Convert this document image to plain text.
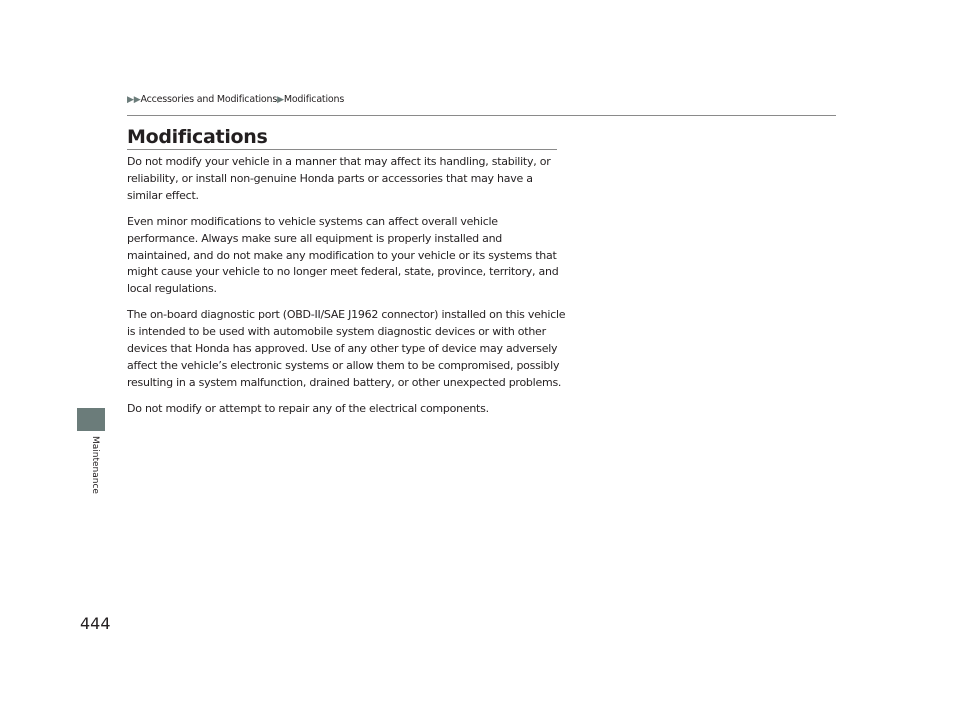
▶▶Accessories and Modifications▶Modifications
Modifications

Do not modify your vehicle in a manner that may affect its handling, stability, or reliability, or install non-genuine Honda parts or accessories that may have a similar effect.

Even minor modifications to vehicle systems can affect overall vehicle performance. Always make sure all equipment is properly installed and maintained, and do not make any modification to your vehicle or its systems that might cause your vehicle to no longer meet federal, state, province, territory, and local regulations.

The on-board diagnostic port (OBD-II/SAE J1962 connector) installed on this vehicle is intended to be used with automobile system diagnostic devices or with other devices that Honda has approved. Use of any other type of device may adversely affect the vehicle’s electronic systems or allow them to be compromised, possibly resulting in a system malfunction, drained battery, or other unexpected problems.

Do not modify or attempt to repair any of the electrical components.

Maintenance
444
